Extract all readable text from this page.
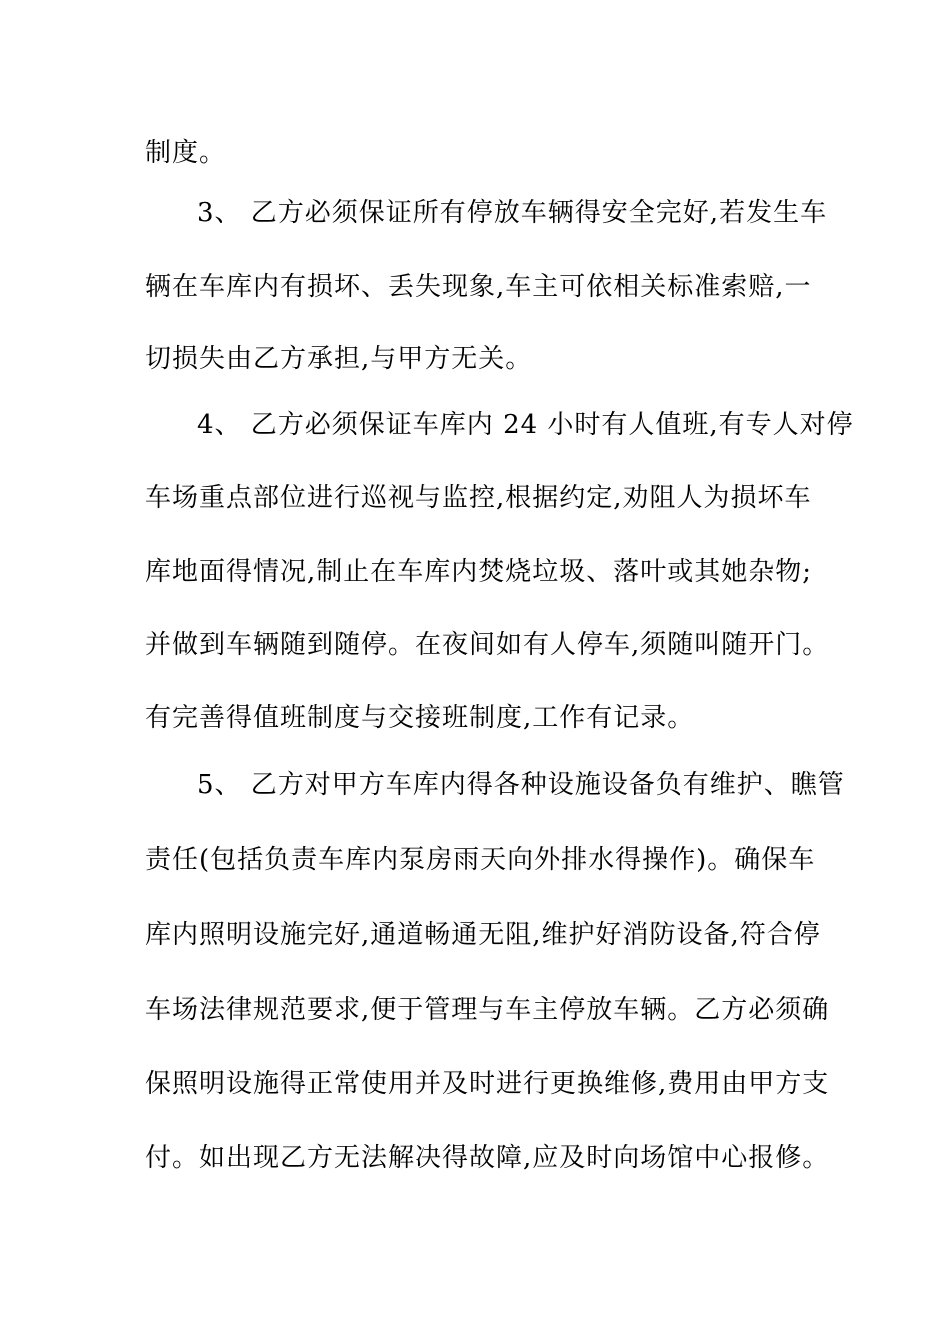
制度。
3、 乙方必须保证所有停放车辆得安全完好,若发生车
辆在车库内有损坏、丢失现象,车主可依相关标准索赔,一
切损失由乙方承担,与甲方无关。
4、 乙方必须保证车库内 24 小时有人值班,有专人对停
车场重点部位进行巡视与监控,根据约定,劝阻人为损坏车
库地面得情况,制止在车库内焚烧垃圾、落叶或其她杂物;
并做到车辆随到随停。在夜间如有人停车,须随叫随开门。
有完善得值班制度与交接班制度,工作有记录。
5、 乙方对甲方车库内得各种设施设备负有维护、瞧管
责任(包括负责车库内泵房雨天向外排水得操作)。确保车
库内照明设施完好,通道畅通无阻,维护好消防设备,符合停
车场法律规范要求,便于管理与车主停放车辆。乙方必须确
保照明设施得正常使用并及时进行更换维修,费用由甲方支
付。如出现乙方无法解决得故障,应及时向场馆中心报修。
